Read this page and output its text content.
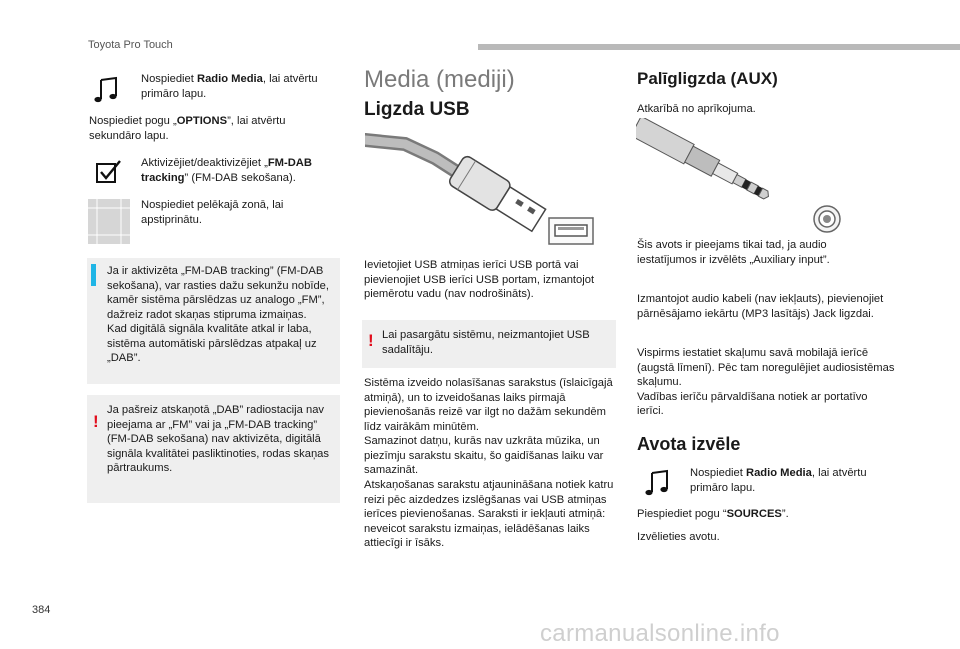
Toyota Pro Touch

Nospiediet Radio Media, lai atvērtu primāro lapu.

Nospiediet pogu „OPTIONS”, lai atvērtu sekundāro lapu.

Aktivizējiet/deaktivizējiet „FM-DAB tracking” (FM-DAB sekošana).

Nospiediet pelēkajā zonā, lai apstiprinātu.

Ja ir aktivizēta „FM-DAB tracking” (FM-DAB sekošana), var rasties dažu sekunžu nobīde, kamēr sistēma pārslēdzas uz analogo „FM”, dažreiz radot skaņas stipruma izmaiņas.
Kad digitālā signāla kvalitāte atkal ir laba, sistēma automātiski pārslēdzas atpakaļ uz „DAB”.

!

Ja pašreiz atskaņotā „DAB” radiostacija nav pieejama ar „FM” vai ja „FM-DAB tracking” (FM-DAB sekošana) nav aktivizēta, digitālā signāla kvalitātei pasliktinoties, rodas skaņas pārtraukums.

Media (mediji)
Ligzda USB

Ievietojiet USB atmiņas ierīci USB portā vai pievienojiet USB ierīci USB portam, izmantojot piemērotu vadu (nav nodrošināts).

! Lai pasargātu sistēmu, neizmantojiet USB sadalītāju.

Sistēma izveido nolasīšanas sarakstus (īslaicīgajā atmiņā), un to izveidošanas laiks pirmajā pievienošanās reizē var ilgt no dažām sekundēm līdz vairākām minūtēm.
Samazinot datņu, kurās nav uzkrāta mūzika, un piezīmju sarakstu skaitu, šo gaidīšanas laiku var samazināt.
Atskaņošanas sarakstu atjaunināšana notiek katru reizi pēc aizdedzes izslēgšanas vai USB atmiņas ierīces pievienošanas. Saraksti ir iekļauti atmiņā: neveicot sarakstu izmaiņas, ielādēšanas laiks attiecīgi ir īsāks.

Palīgligzda (AUX)

Atkarībā no aprīkojuma.

Šis avots ir pieejams tikai tad, ja audio iestatījumos ir izvēlēts „Auxiliary input”.

Izmantojot audio kabeli (nav iekļauts), pievienojiet pārnēsājamo iekārtu (MP3 lasītājs) Jack ligzdai.

Vispirms iestatiet skaļumu savā mobilajā ierīcē (augstā līmenī). Pēc tam noregulējiet audiosistēmas skaļumu.
Vadības ierīču pārvaldīšana notiek ar portatīvo ierīci.

Avota izvēle

Nospiediet Radio Media, lai atvērtu primāro lapu.

Piespiediet pogu “SOURCES”.

Izvēlieties avotu.

384
carmanualsonline.info
